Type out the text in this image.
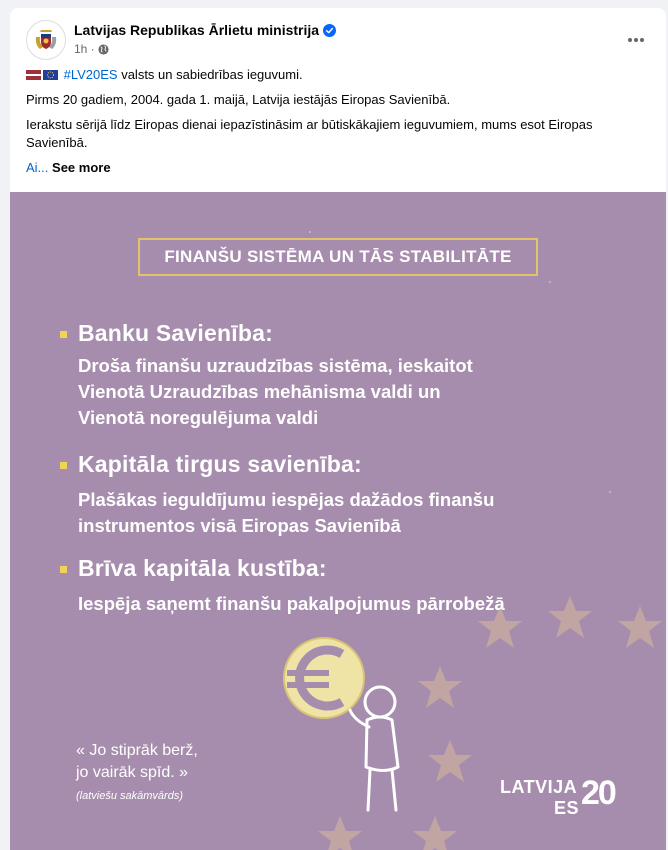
Latvijas Republikas Ārlietu ministrija
1h ·

#LV20ES valsts un sabiedrības ieguvumi.

Pirms 20 gadiem, 2004. gada 1. maijā, Latvija iestājās Eiropas Savienībā.

Ierakstu sērijā līdz Eiropas dienai iepazīstināsim ar būtiskākajiem ieguvumiem, mums esot Eiropas Savienībā.

Ai... See more

FINANŠU SISTĒMA UN TĀS STABILITĀTE
Banku Savienība:
Droša finanšu uzraudzības sistēma, ieskaitot
Vienotā Uzraudzības mehānisma valdi un
Vienotā noregulējuma valdi
Kapitāla tirgus savienība:
Plašākas ieguldījumu iespējas dažādos finanšu
instrumentos visā Eiropas Savienībā
Brīva kapitāla kustība:
Iespēja saņemt finanšu pakalpojumus pārrobežā
« Jo stiprāk berž,
jo vairāk spīd. »
(latviešu sakāmvārds)	LATVIJA
ES 20
